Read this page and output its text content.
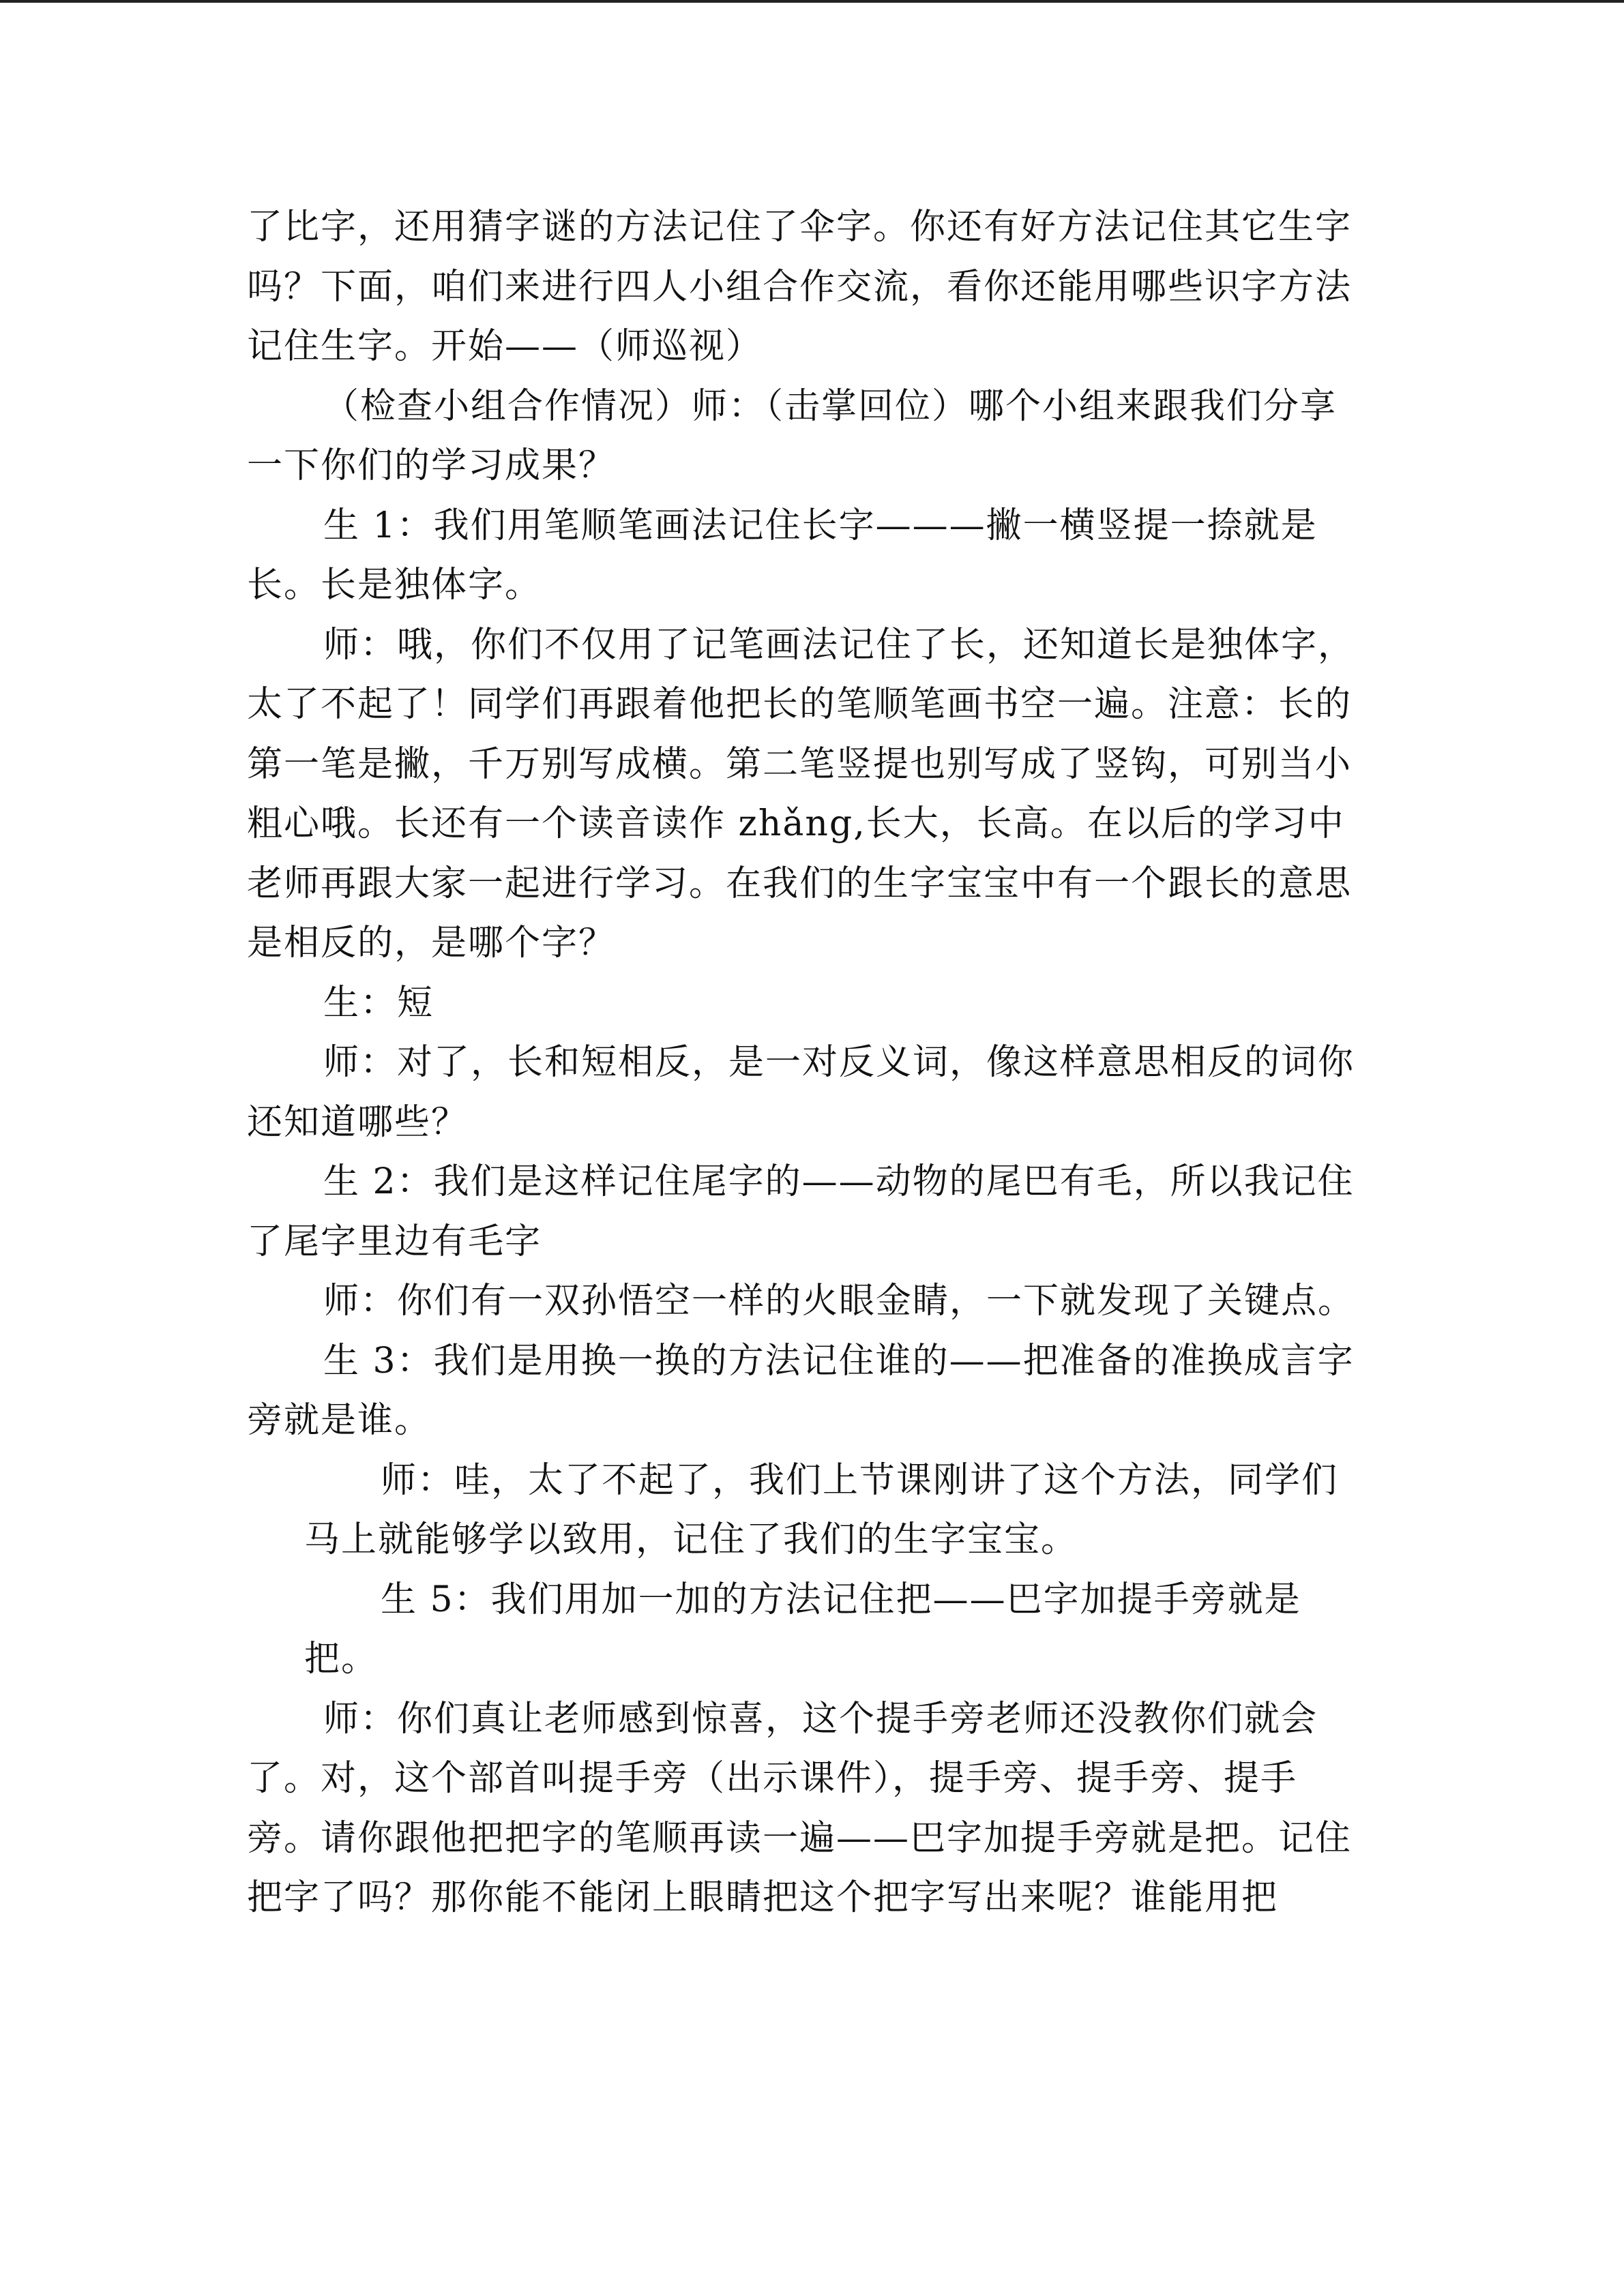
了比字，还用猜字谜的方法记住了伞字。你还有好方法记住其它生字吗？下面，咱们来进行四人小组合作交流，看你还能用哪些识字方法记住生字。开始——（师巡视）

（检查小组合作情况）师：（击掌回位）哪个小组来跟我们分享一下你们的学习成果？

生 1：我们用笔顺笔画法记住长字———撇一横竖提一捺就是长。长是独体字。

师：哦，你们不仅用了记笔画法记住了长，还知道长是独体字，太了不起了！同学们再跟着他把长的笔顺笔画书空一遍。注意：长的第一笔是撇，千万别写成横。第二笔竖提也别写成了竖钩，可别当小粗心哦。长还有一个读音读作 zhǎng,长大，长高。在以后的学习中老师再跟大家一起进行学习。在我们的生字宝宝中有一个跟长的意思是相反的，是哪个字？

生：短

师：对了，长和短相反，是一对反义词，像这样意思相反的词你还知道哪些？

生 2：我们是这样记住尾字的——动物的尾巴有毛，所以我记住了尾字里边有毛字

师：你们有一双孙悟空一样的火眼金睛，一下就发现了关键点。

生 3：我们是用换一换的方法记住谁的——把准备的准换成言字旁就是谁。

师：哇，太了不起了，我们上节课刚讲了这个方法，同学们马上就能够学以致用，记住了我们的生字宝宝。

生 5：我们用加一加的方法记住把——巴字加提手旁就是把。

师：你们真让老师感到惊喜，这个提手旁老师还没教你们就会了。对，这个部首叫提手旁（出示课件），提手旁、提手旁、提手旁。请你跟他把把字的笔顺再读一遍——巴字加提手旁就是把。记住把字了吗？那你能不能闭上眼睛把这个把字写出来呢？谁能用把
